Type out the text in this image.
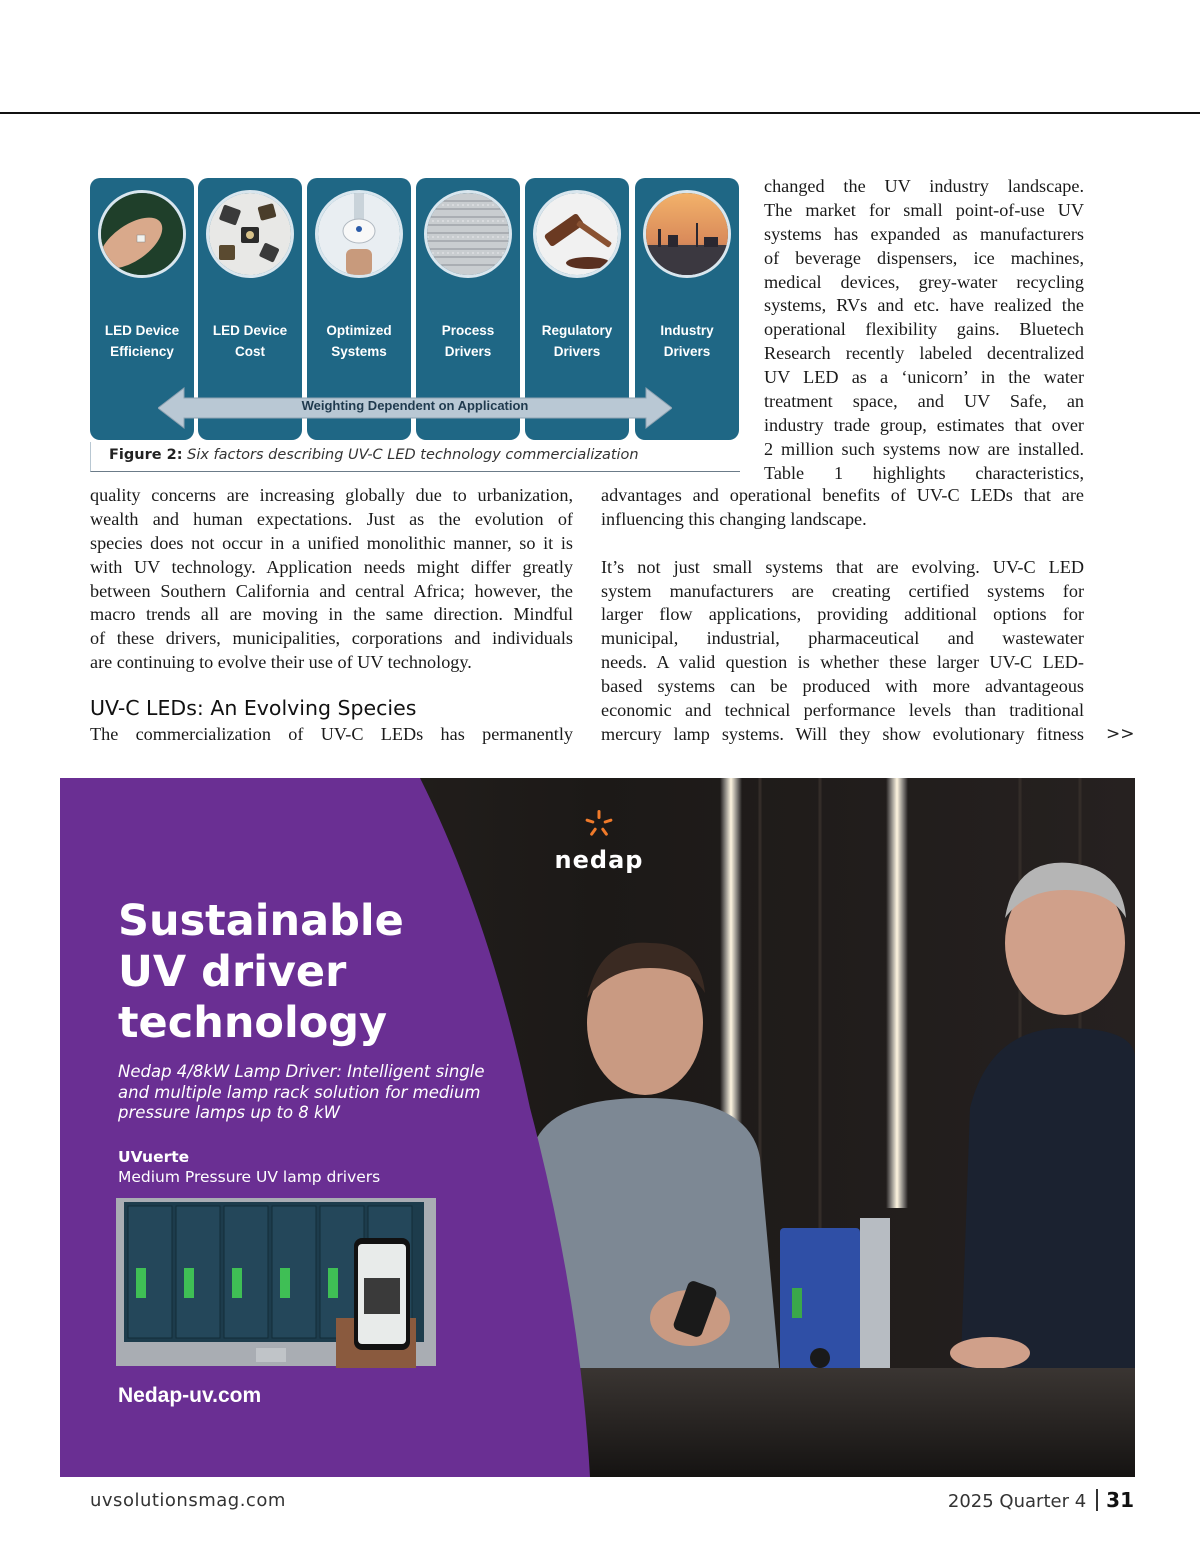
LED Device
Efficiency
LED Device
Cost
Optimized
Systems
Process
Drivers
Regulatory
Drivers
Industry
Drivers
Weighting Dependent on Application
Figure 2: Six factors describing UV-C LED technology commercialization
changed the UV industry landscape.
The market for small point-of-use UV
systems has expanded as manufacturers
of beverage dispensers, ice machines,
medical devices, grey-water recycling
systems, RVs and etc. have realized the
operational flexibility gains. Bluetech
Research recently labeled decentralized
UV LED as a ‘unicorn’ in the water
treatment space, and UV Safe, an
industry trade group, estimates that over
2 million such systems now are installed.
Table 1 highlights characteristics,
quality concerns are increasing globally due to urbanization,
wealth and human expectations. Just as the evolution of
species does not occur in a unified monolithic manner, so it is
with UV technology. Application needs might differ greatly
between Southern California and central Africa; however, the
macro trends all are moving in the same direction. Mindful
of these drivers, municipalities, corporations and individuals
are continuing to evolve their use of UV technology.
UV-C LEDs: An Evolving Species
The commercialization of UV-C LEDs has permanently
advantages and operational benefits of UV-C LEDs that are
influencing this changing landscape.
It’s not just small systems that are evolving. UV-C LED
system manufacturers are creating certified systems for
larger flow applications, providing additional options for
municipal, industrial, pharmaceutical and wastewater
needs. A valid question is whether these larger UV-C LED-
based systems can be produced with more advantageous
economic and technical performance levels than traditional
mercury lamp systems. Will they show evolutionary fitness >>
nedap
Sustainable
UV driver
technology
Nedap 4/8kW Lamp Driver: Intelligent single
and multiple lamp rack solution for medium
pressure lamps up to 8 kW
UVuerte
Medium Pressure UV lamp drivers
Nedap-uv.com
uvsolutionsmag.com	2025 Quarter 4 31
